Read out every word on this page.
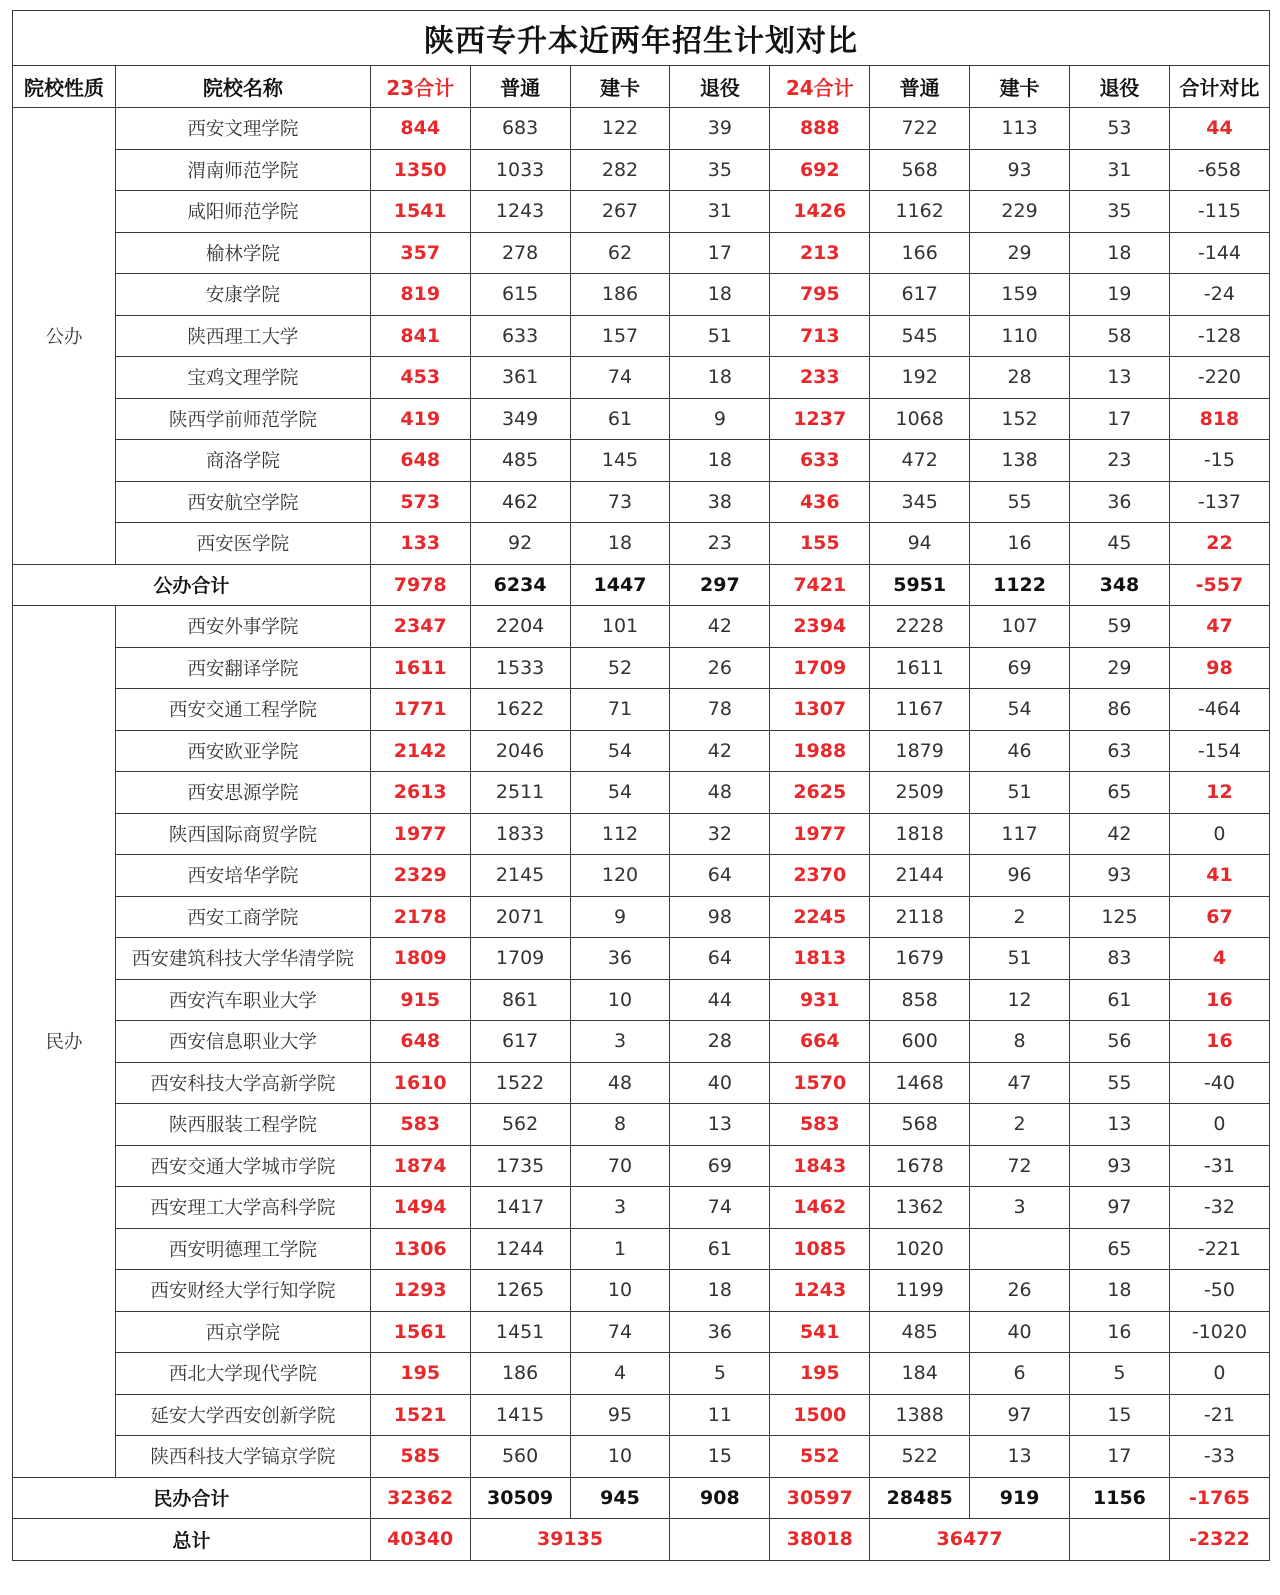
陕西专升本近两年招生计划对比										
院校性质	院校名称	23合计	普通	建卡	退役	24合计	普通	建卡	退役	合计对比
公办	西安文理学院	844	683	122	39	888	722	113	53	44
	渭南师范学院	1350	1033	282	35	692	568	93	31	-658
	咸阳师范学院	1541	1243	267	31	1426	1162	229	35	-115
	榆林学院	357	278	62	17	213	166	29	18	-144
	安康学院	819	615	186	18	795	617	159	19	-24
	陕西理工大学	841	633	157	51	713	545	110	58	-128
	宝鸡文理学院	453	361	74	18	233	192	28	13	-220
	陕西学前师范学院	419	349	61	9	1237	1068	152	17	818
	商洛学院	648	485	145	18	633	472	138	23	-15
	西安航空学院	573	462	73	38	436	345	55	36	-137
	西安医学院	133	92	18	23	155	94	16	45	22
公办合计		7978	6234	1447	297	7421	5951	1122	348	-557
民办	西安外事学院	2347	2204	101	42	2394	2228	107	59	47
	西安翻译学院	1611	1533	52	26	1709	1611	69	29	98
	西安交通工程学院	1771	1622	71	78	1307	1167	54	86	-464
	西安欧亚学院	2142	2046	54	42	1988	1879	46	63	-154
	西安思源学院	2613	2511	54	48	2625	2509	51	65	12
	陕西国际商贸学院	1977	1833	112	32	1977	1818	117	42	0
	西安培华学院	2329	2145	120	64	2370	2144	96	93	41
	西安工商学院	2178	2071	9	98	2245	2118	2	125	67
	西安建筑科技大学华清学院	1809	1709	36	64	1813	1679	51	83	4
	西安汽车职业大学	915	861	10	44	931	858	12	61	16
	西安信息职业大学	648	617	3	28	664	600	8	56	16
	西安科技大学高新学院	1610	1522	48	40	1570	1468	47	55	-40
	陕西服装工程学院	583	562	8	13	583	568	2	13	0
	西安交通大学城市学院	1874	1735	70	69	1843	1678	72	93	-31
	西安理工大学高科学院	1494	1417	3	74	1462	1362	3	97	-32
	西安明德理工学院	1306	1244	1	61	1085	1020		65	-221
	西安财经大学行知学院	1293	1265	10	18	1243	1199	26	18	-50
	西京学院	1561	1451	74	36	541	485	40	16	-1020
	西北大学现代学院	195	186	4	5	195	184	6	5	0
	延安大学西安创新学院	1521	1415	95	11	1500	1388	97	15	-21
	陕西科技大学镐京学院	585	560	10	15	552	522	13	17	-33
民办合计		32362	30509	945	908	30597	28485	919	1156	-1765
总计		40340	39135			38018	36477			-2322
